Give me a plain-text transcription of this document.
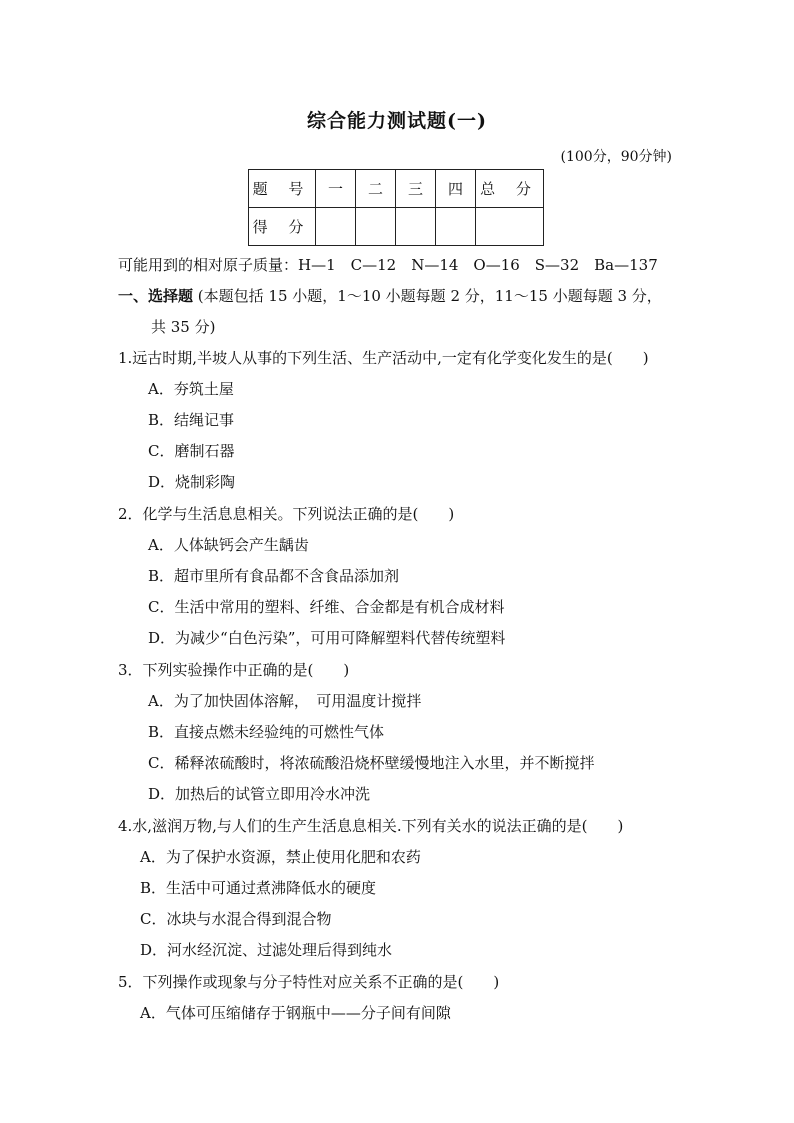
综合能力测试题(一)
(100分，90分钟)
题 号	一	二	三	四	总 分
得 分					
可能用到的相对原子质量：H—1　C—12　N—14　O—16　S—32　Ba—137
一、选择题 (本题包括 15 小题，1～10 小题每题 2 分，11～15 小题每题 3 分，
共 35 分)
1.远古时期,半坡人从事的下列生活、生产活动中,一定有化学变化发生的是(　　)
A．夯筑土屋
B．结绳记事
C．磨制石器
D．烧制彩陶
2．化学与生活息息相关。下列说法正确的是(　　)
A．人体缺钙会产生龋齿
B．超市里所有食品都不含食品添加剂
C．生活中常用的塑料、纤维、合金都是有机合成材料
D．为减少“白色污染”，可用可降解塑料代替传统塑料
3．下列实验操作中正确的是(　　)
A．为了加快固体溶解，　可用温度计搅拌
B．直接点燃未经验纯的可燃性气体
C．稀释浓硫酸时，将浓硫酸沿烧杯壁缓慢地注入水里，并不断搅拌
D．加热后的试管立即用冷水冲洗
4.水,滋润万物,与人们的生产生活息息相关.下列有关水的说法正确的是(　　)
A．为了保护水资源，禁止使用化肥和农药
B．生活中可通过煮沸降低水的硬度
C．冰块与水混合得到混合物
D．河水经沉淀、过滤处理后得到纯水
5．下列操作或现象与分子特性对应关系不正确的是(　　)
A．气体可压缩储存于钢瓶中——分子间有间隙
